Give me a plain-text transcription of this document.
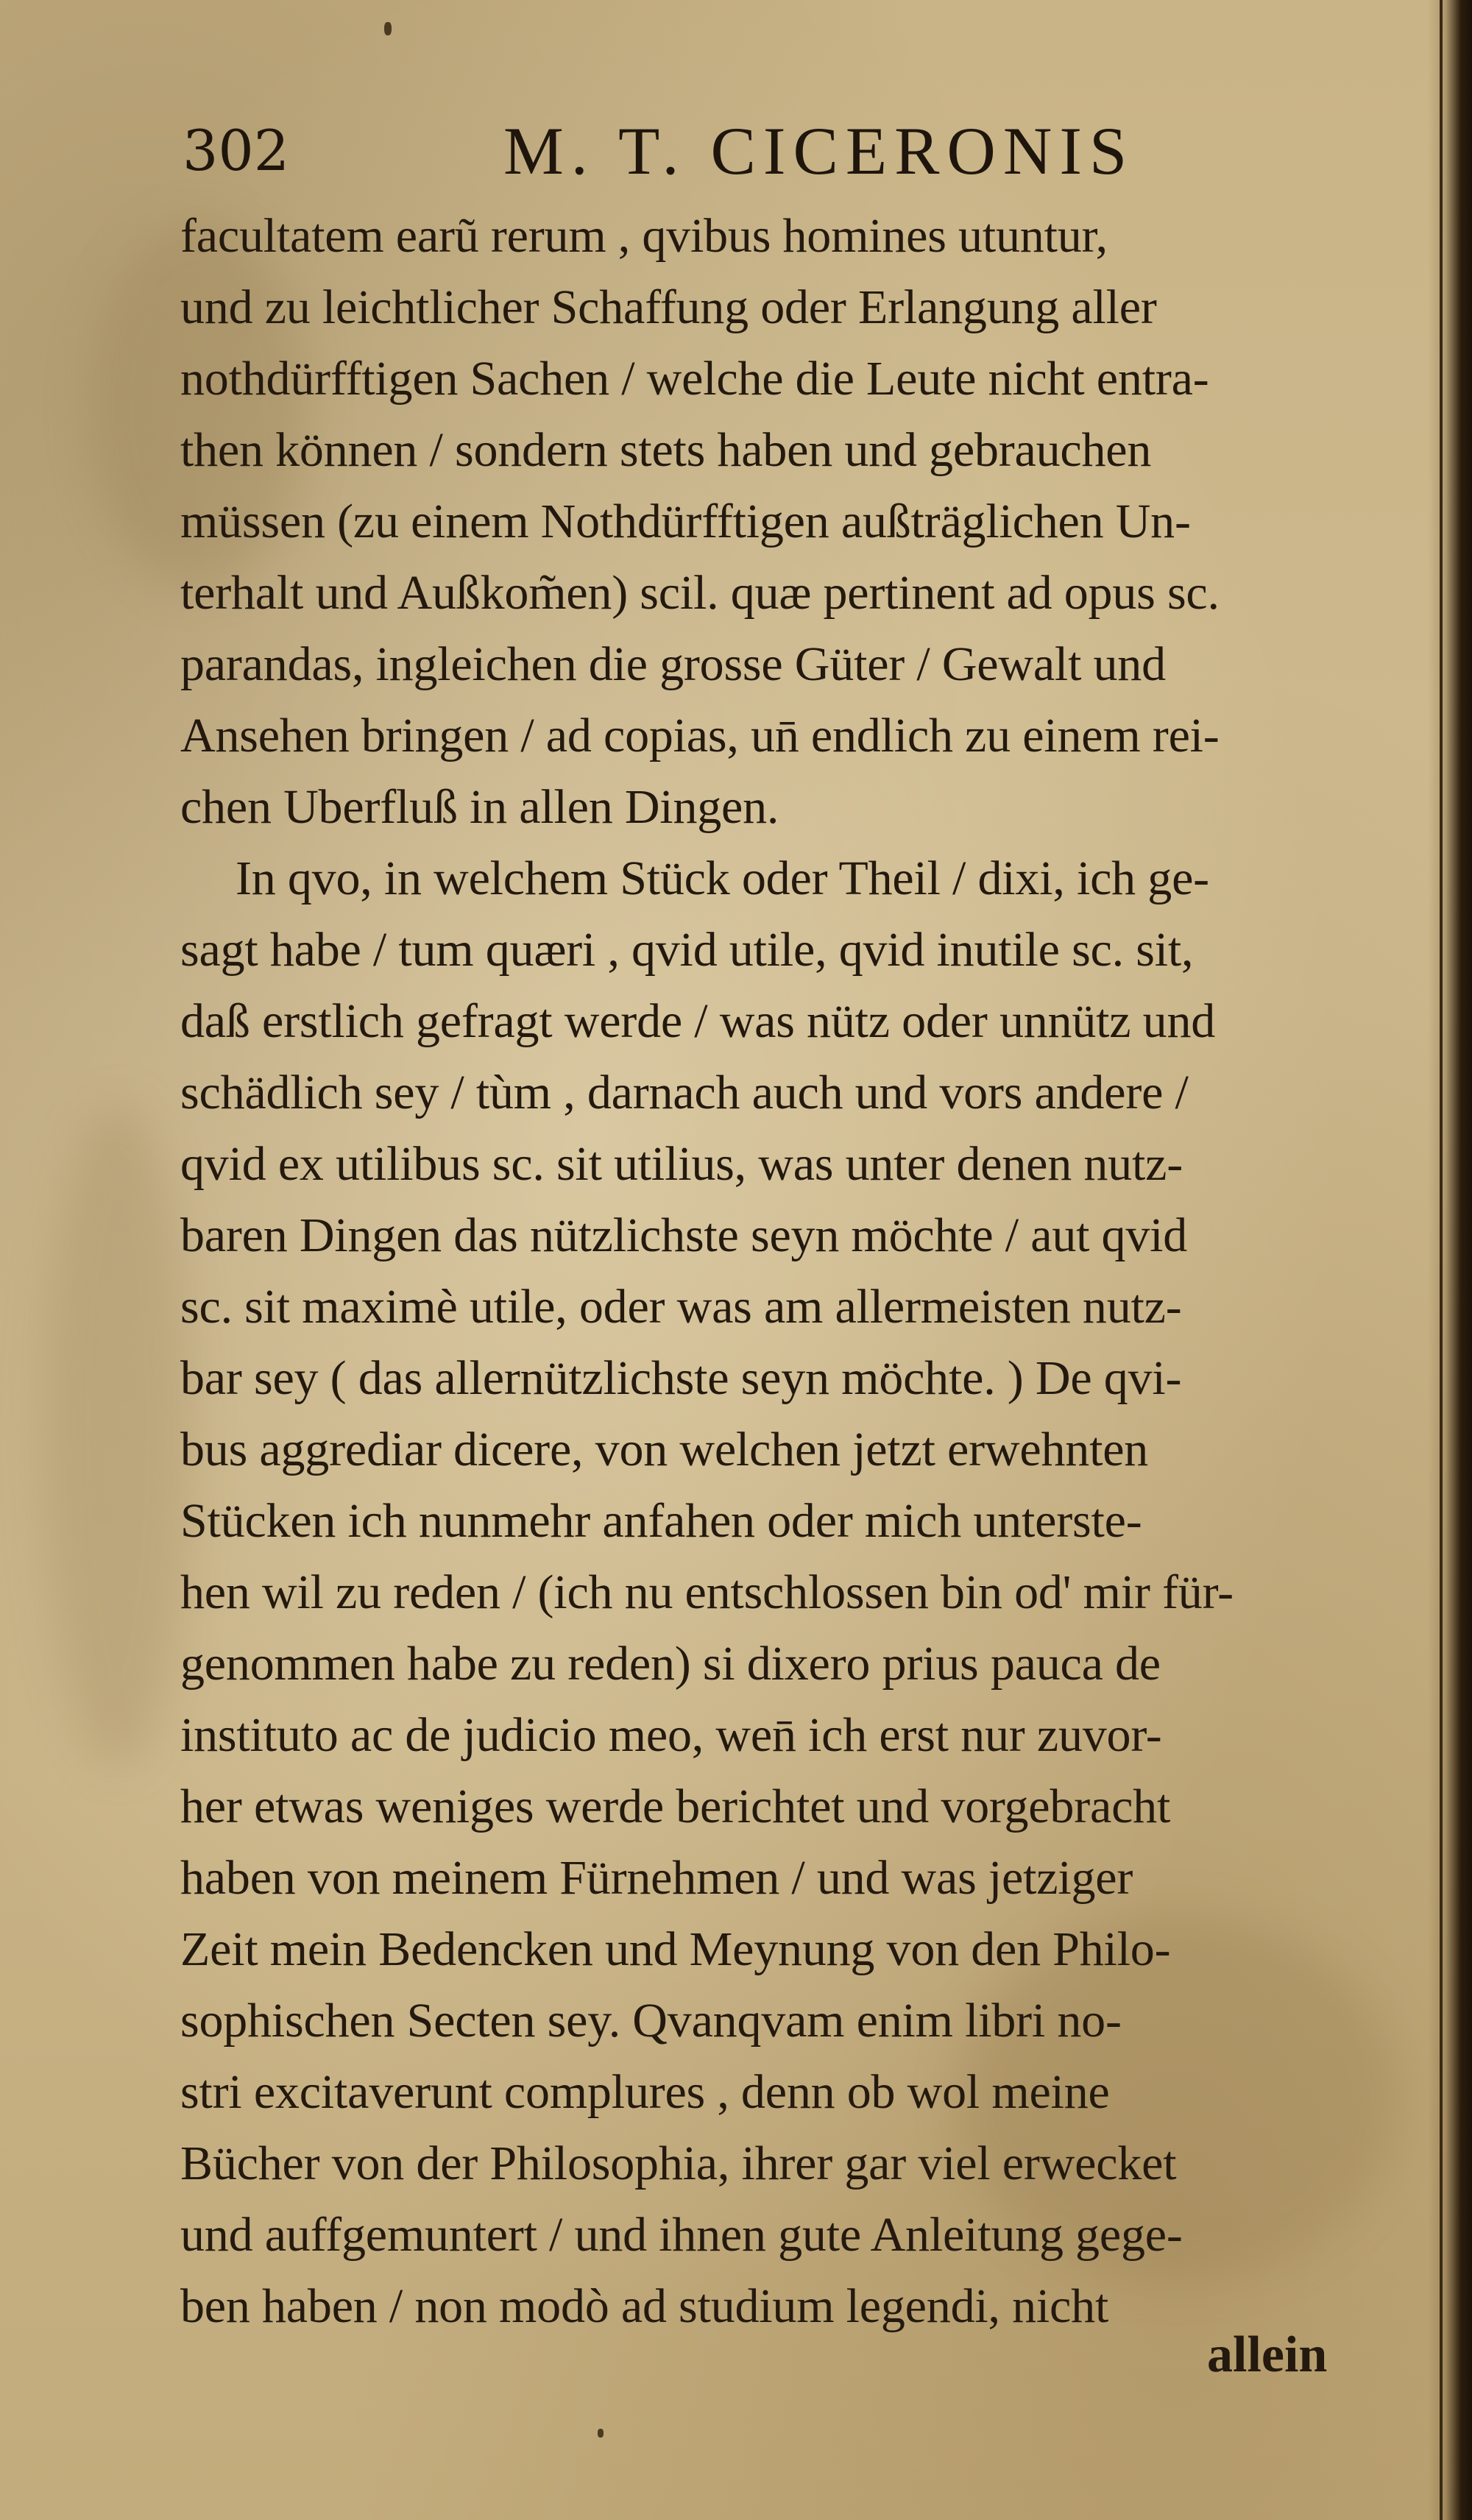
302	M. T. CICERONIS
facultatem earũ rerum , qvibus homines utuntur,
und zu leichtlicher Schaffung oder Erlangung aller
nothdürfftigen Sachen / welche die Leute nicht entra-
then können / sondern stets haben und gebrauchen
müssen (zu einem Nothdürfftigen außträglichen Un-
terhalt und Außkom̃en) scil. quæ pertinent ad opus sc.
parandas, ingleichen die grosse Güter / Gewalt und
Ansehen bringen / ad copias, un̄ endlich zu einem rei-
chen Uberfluß in allen Dingen.
In qvo, in welchem Stück oder Theil / dixi, ich ge-
sagt habe / tum quæri , qvid utile, qvid inutile sc. sit,
daß erstlich gefragt werde / was nütz oder unnütz und
schädlich sey / tùm , darnach auch und vors andere /
qvid ex utilibus sc. sit utilius, was unter denen nutz-
baren Dingen das nützlichste seyn möchte / aut qvid
sc. sit maximè utile, oder was am allermeisten nutz-
bar sey ( das allernützlichste seyn möchte. ) De qvi-
bus aggrediar dicere, von welchen jetzt erwehnten
Stücken ich nunmehr anfahen oder mich unterste-
hen wil zu reden / (ich nu entschlossen bin od' mir für-
genommen habe zu reden) si dixero prius pauca de
instituto ac de judicio meo, wen̄ ich erst nur zuvor-
her etwas weniges werde berichtet und vorgebracht
haben von meinem Fürnehmen / und was jetziger
Zeit mein Bedencken und Meynung von den Philo-
sophischen Secten sey. Qvanqvam enim libri no-
stri excitaverunt complures , denn ob wol meine
Bücher von der Philosophia, ihrer gar viel erwecket
und auffgemuntert / und ihnen gute Anleitung gege-
ben haben / non modò ad studium legendi, nicht
allein
